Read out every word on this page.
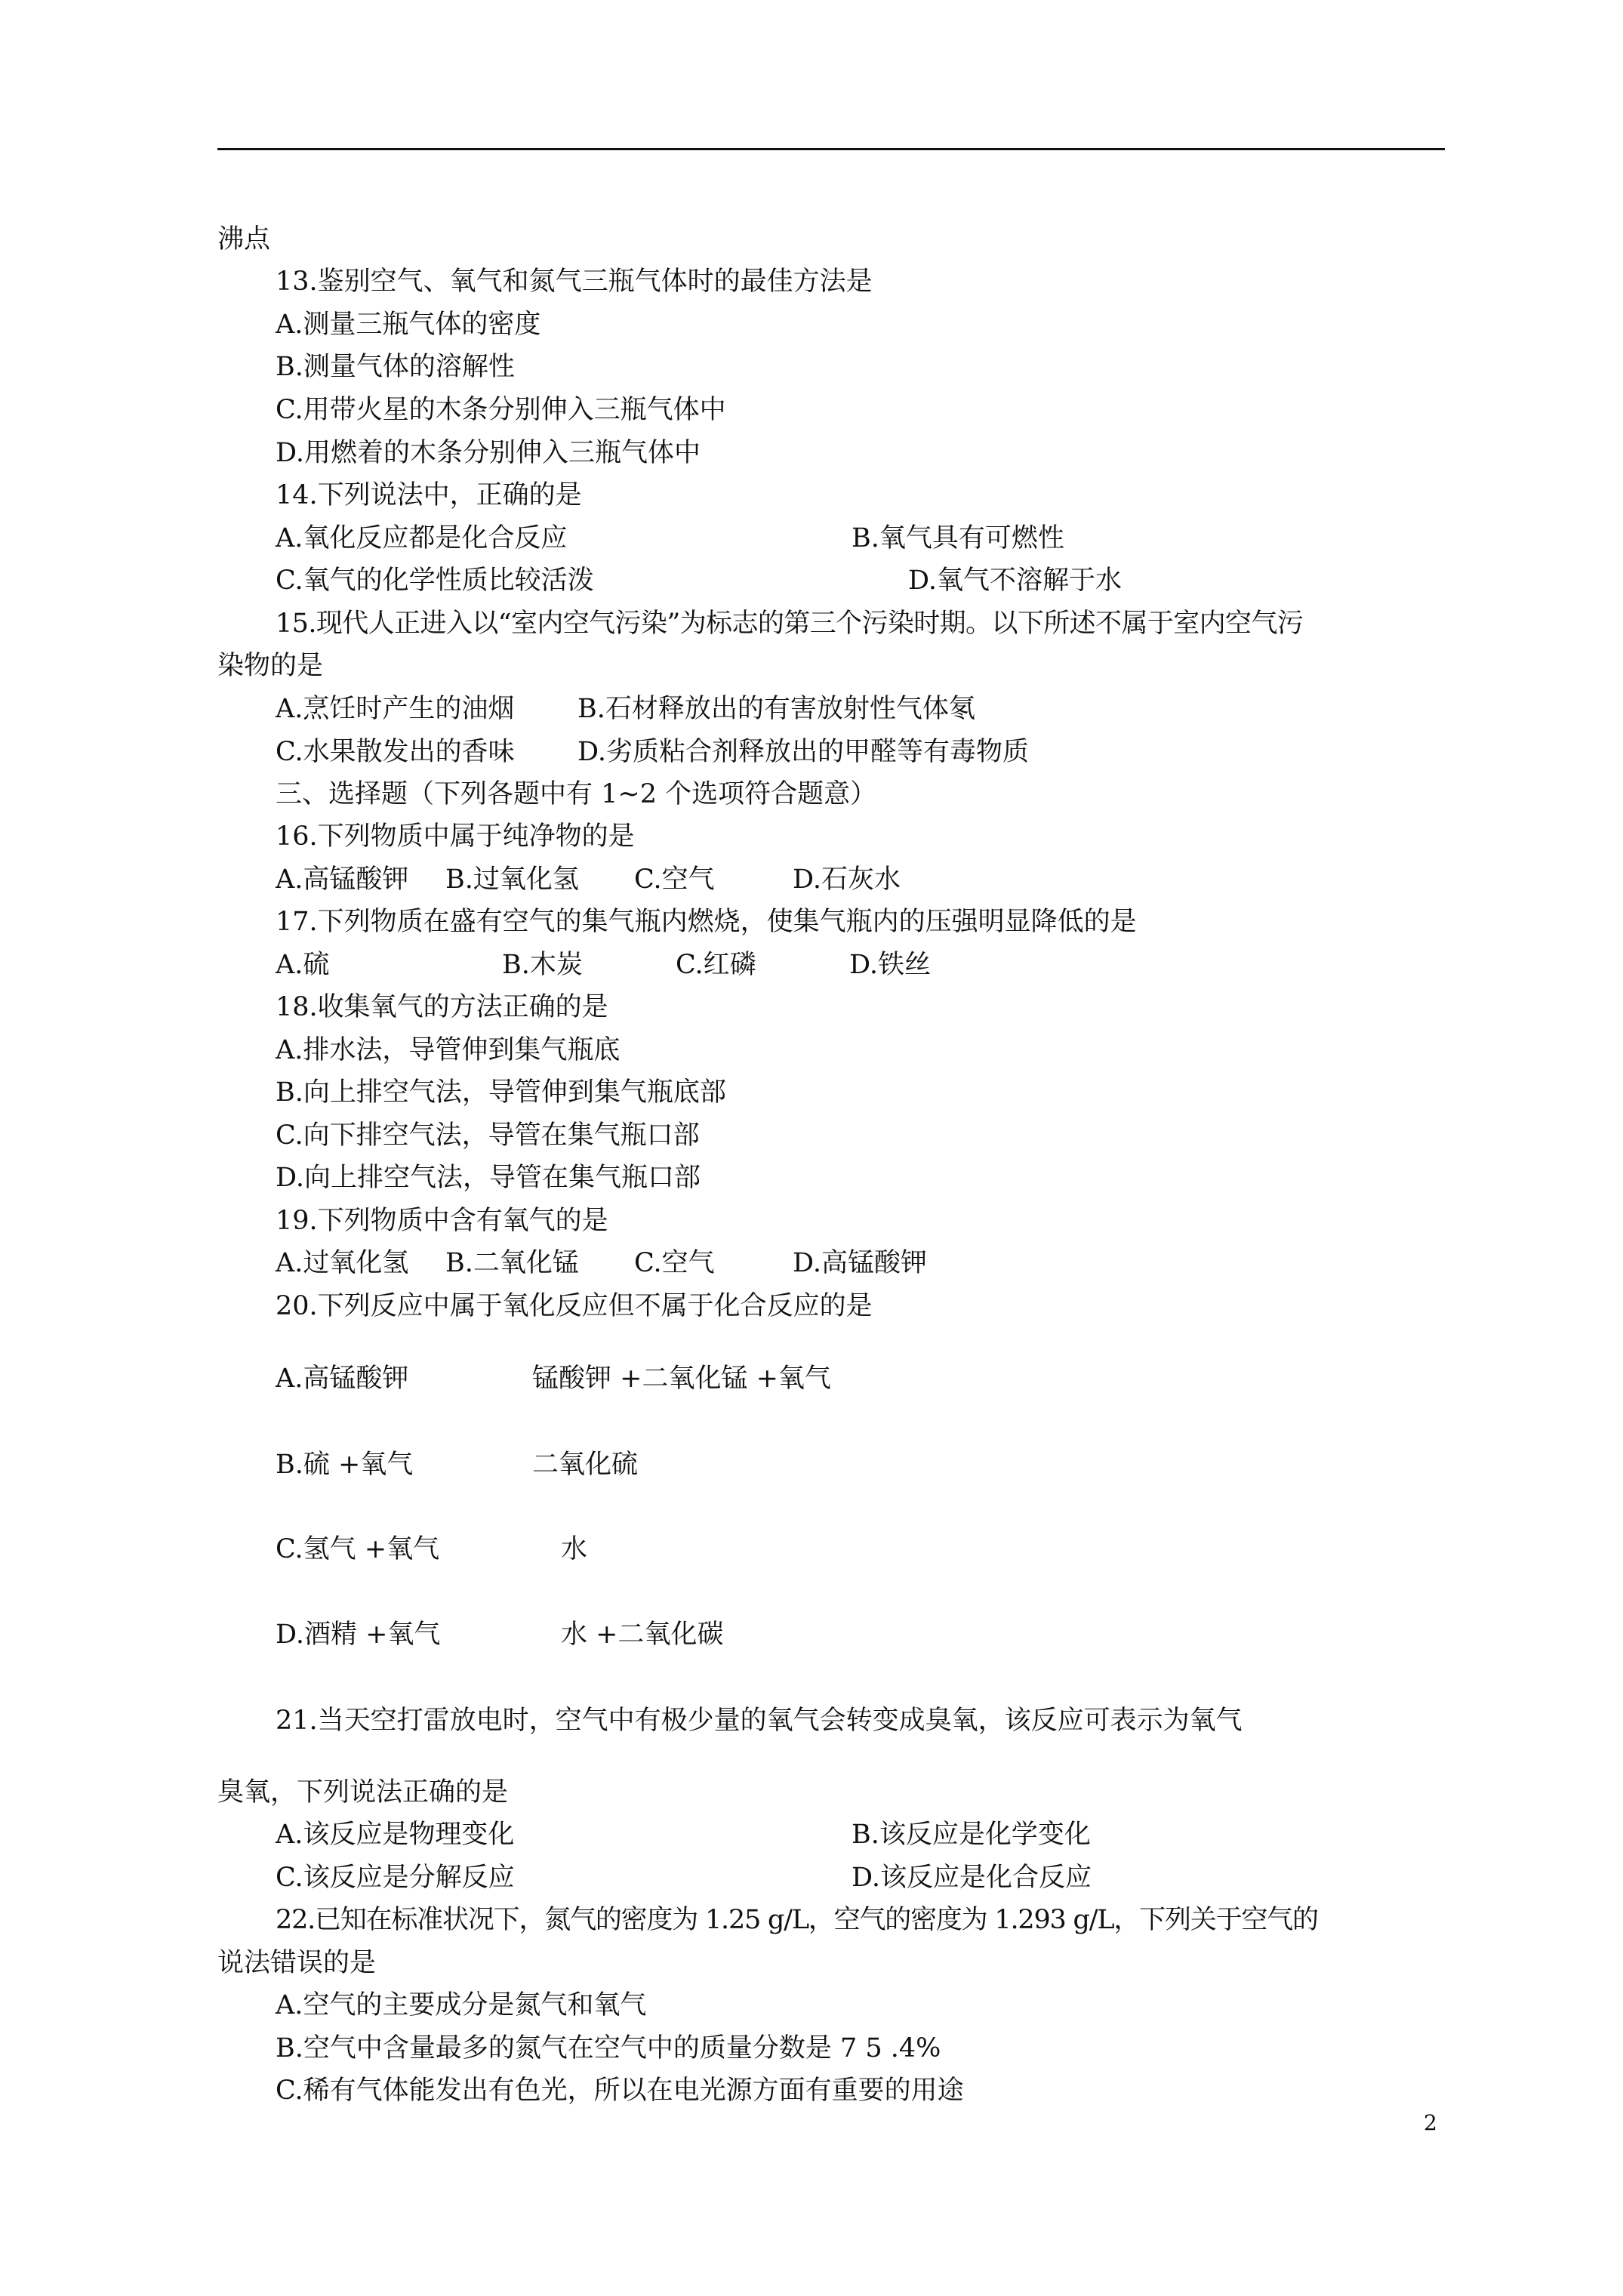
沸点
13.鉴别空气、氧气和氮气三瓶气体时的最佳方法是
A.测量三瓶气体的密度
B.测量气体的溶解性
C.用带火星的木条分别伸入三瓶气体中
D.用燃着的木条分别伸入三瓶气体中
14.下列说法中，正确的是
A.氧化反应都是化合反应	B.氧气具有可燃性
C.氧气的化学性质比较活泼	D.氧气不溶解于水
15.现代人正进入以“室内空气污染”为标志的第三个污染时期。以下所述不属于室内空气污
染物的是
A.烹饪时产生的油烟 B.石材释放出的有害放射性气体氡
C.水果散发出的香味 D.劣质粘合剂释放出的甲醛等有毒物质
三、选择题（下列各题中有 1~2 个选项符合题意）
16.下列物质中属于纯净物的是
A.高锰酸钾 B.过氧化氢 C.空气	D.石灰水
17.下列物质在盛有空气的集气瓶内燃烧，使集气瓶内的压强明显降低的是
A.硫	B.木炭	C.红磷	D.铁丝
18.收集氧气的方法正确的是
A.排水法，导管伸到集气瓶底
B.向上排空气法，导管伸到集气瓶底部
C.向下排空气法，导管在集气瓶口部
D.向上排空气法，导管在集气瓶口部
19.下列物质中含有氧气的是
A.过氧化氢 B.二氧化锰 C.空气	D.高锰酸钾
20.下列反应中属于氧化反应但不属于化合反应的是
A.高锰酸钾	锰酸钾 +二氧化锰 +氧气
B.硫 +氧气	二氧化硫
C.氢气 +氧气	水
D.酒精 +氧气	水 +二氧化碳
21.当天空打雷放电时，空气中有极少量的氧气会转变成臭氧，该反应可表示为氧气
臭氧，下列说法正确的是
A.该反应是物理变化	B.该反应是化学变化
C.该反应是分解反应	D.该反应是化合反应
22.已知在标准状况下，氮气的密度为 1.25 g/L，空气的密度为 1.293 g/L，下列关于空气的
说法错误的是
A.空气的主要成分是氮气和氧气
B.空气中含量最多的氮气在空气中的质量分数是 7 5 .4%
C.稀有气体能发出有色光，所以在电光源方面有重要的用途
2
